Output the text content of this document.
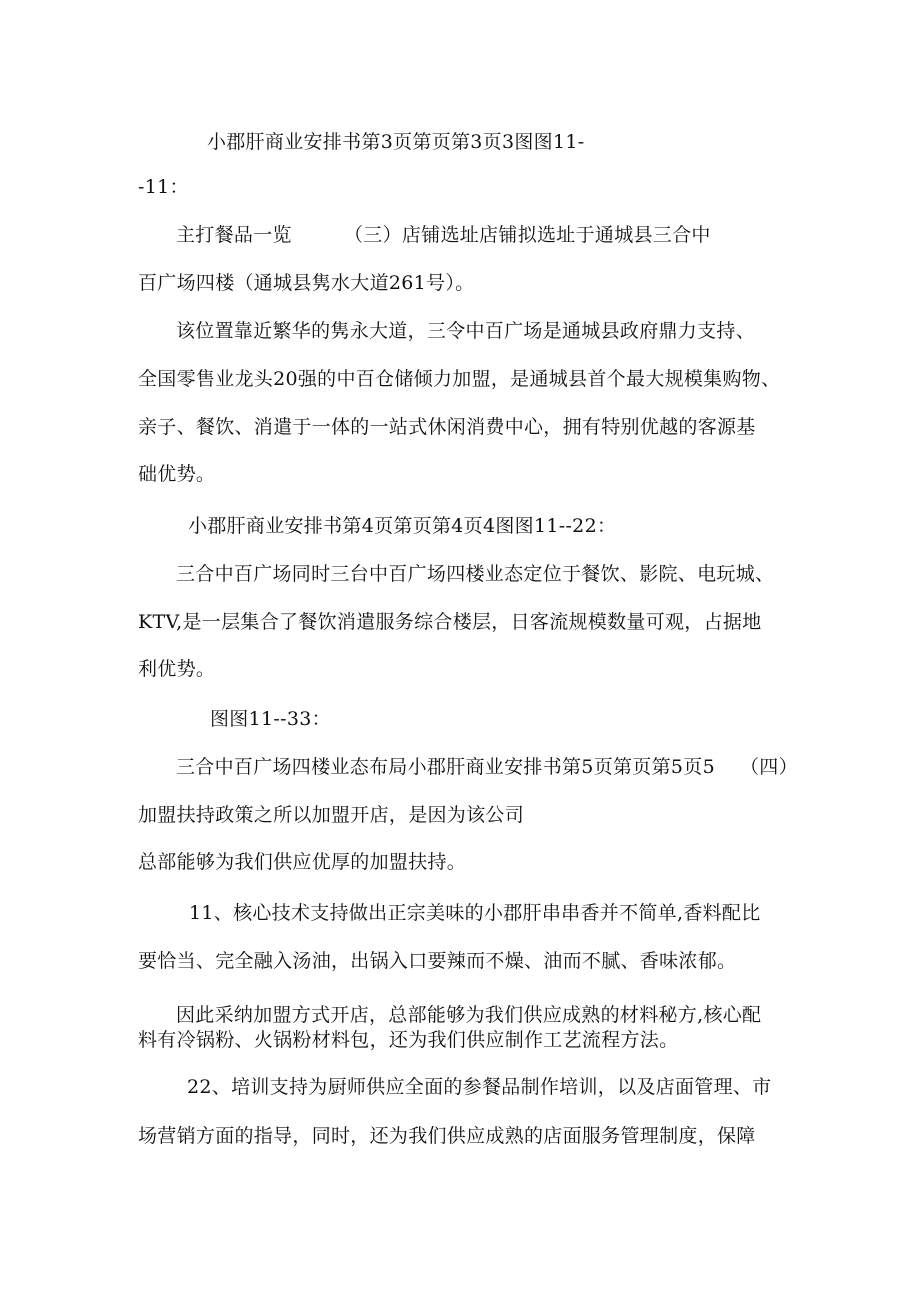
小郡肝商业安排书第3页第页第3页3图图11-
-11：
主打餐品一览	（三）店铺选址店铺拟选址于通城县三合中
百广场四楼（通城县隽水大道261号）。
该位置靠近繁华的隽永大道，三令中百广场是通城县政府鼎力支持、
全国零售业龙头20强的中百仓储倾力加盟，是通城县首个最大规模集购物、
亲子、餐饮、消遣于一体的一站式休闲消费中心，拥有特别优越的客源基
础优势。
小郡肝商业安排书第4页第页第4页4图图11--22：
三合中百广场同时三台中百广场四楼业态定位于餐饮、影院、电玩城、
KTV,是一层集合了餐饮消遣服务综合楼层，日客流规模数量可观，占据地
利优势。
图图11--33：
三合中百广场四楼业态布局小郡肝商业安排书第5页第页第5页5 （四）
加盟扶持政策之所以加盟开店，是因为该公司
总部能够为我们供应优厚的加盟扶持。
11、核心技术支持做出正宗美味的小郡肝串串香并不简单,香料配比
要恰当、完全融入汤油，出锅入口要辣而不燥、油而不腻、香味浓郁。
因此采纳加盟方式开店，总部能够为我们供应成熟的材料秘方,核心配
料有冷锅粉、火锅粉材料包，还为我们供应制作工艺流程方法。
22、培训支持为厨师供应全面的参餐品制作培训，以及店面管理、市
场营销方面的指导，同时，还为我们供应成熟的店面服务管理制度，保障
